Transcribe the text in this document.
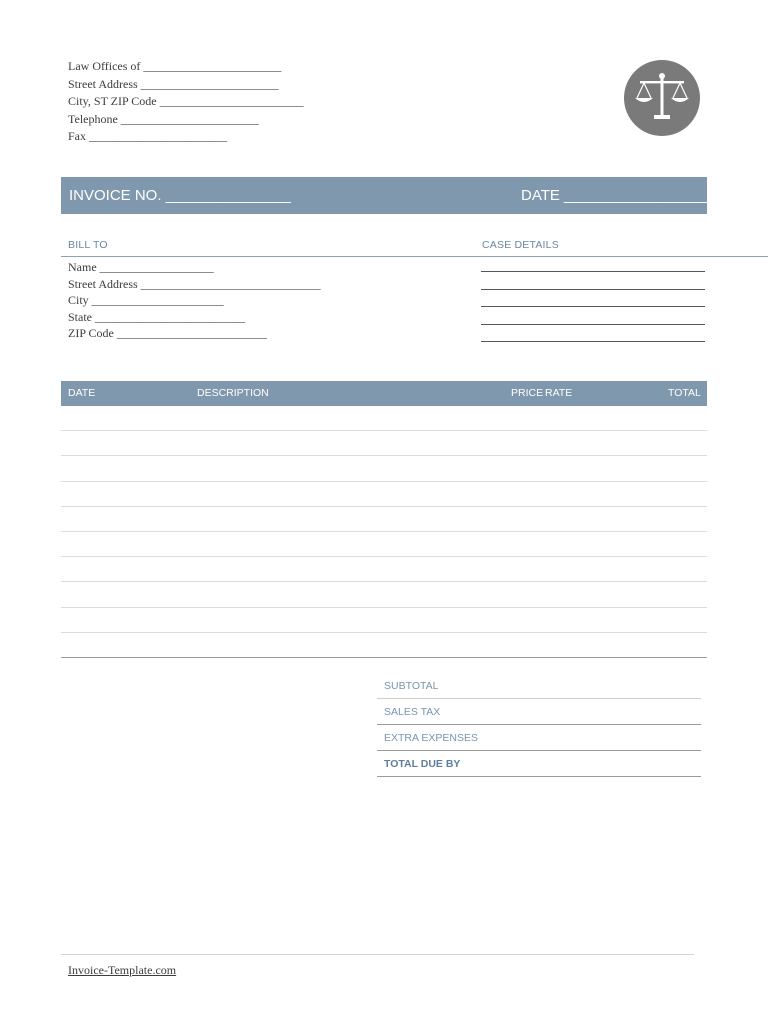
Law Offices of _______________________
Street Address _______________________
City, ST ZIP Code ________________________
Telephone _______________________
Fax _______________________
INVOICE NO. _______________	DATE ___________________
BILL TO	CASE DETAILS
Name ___________________
Street Address ______________________________
City ______________________
State _________________________
ZIP Code _________________________
DATE	DESCRIPTION	PRICE RATE	TOTAL
SUBTOTAL
SALES TAX
EXTRA EXPENSES
TOTAL DUE BY
Invoice-Template.com
